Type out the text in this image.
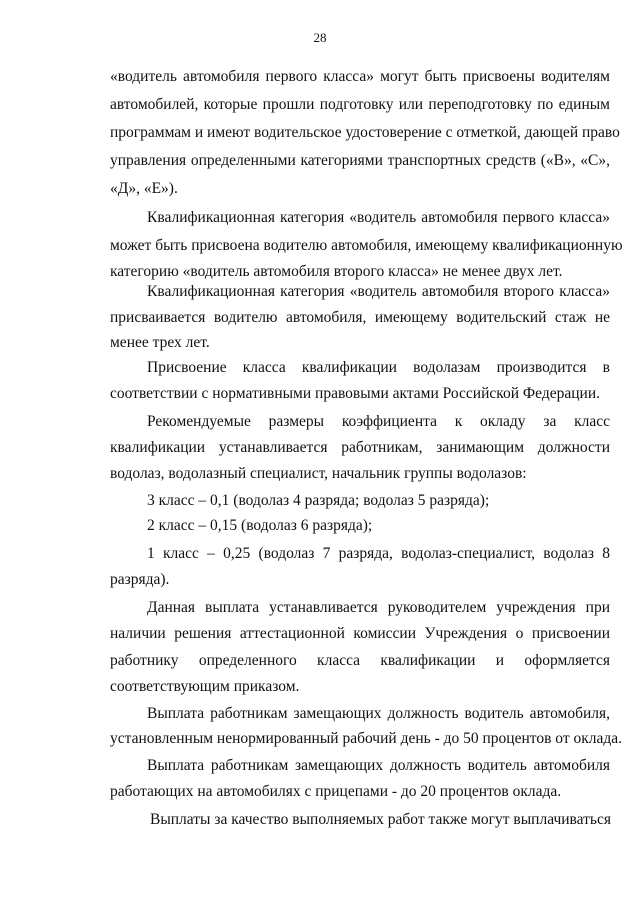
28
«водитель автомобиля первого класса» могут быть присвоены водителям
автомобилей, которые прошли подготовку или переподготовку по единым
программам и имеют водительское удостоверение с отметкой, дающей право
управления определенными категориями транспортных средств («В», «С»,
«Д», «Е»).
Квалификационная категория «водитель автомобиля первого класса»
может быть присвоена водителю автомобиля, имеющему квалификационную
категорию «водитель автомобиля второго класса» не менее двух лет.
Квалификационная категория «водитель автомобиля второго класса»
присваивается водителю автомобиля, имеющему водительский стаж не
менее трех лет.
Присвоение класса квалификации водолазам производится в
соответствии с нормативными правовыми актами Российской Федерации.
Рекомендуемые размеры коэффициента к окладу за класс
квалификации устанавливается работникам, занимающим должности
водолаз, водолазный специалист, начальник группы водолазов:
3 класс – 0,1 (водолаз 4 разряда; водолаз 5 разряда);
2 класс – 0,15 (водолаз 6 разряда);
1 класс – 0,25 (водолаз 7 разряда, водолаз-специалист, водолаз 8
разряда).
Данная выплата устанавливается руководителем учреждения при
наличии решения аттестационной комиссии Учреждения о присвоении
работнику определенного класса квалификации и оформляется
соответствующим приказом.
Выплата работникам замещающих должность водитель автомобиля,
установленным ненормированный рабочий день - до 50 процентов от оклада.
Выплата работникам замещающих должность водитель автомобиля
работающих на автомобилях с прицепами - до 20 процентов оклада.
Выплаты за качество выполняемых работ также могут выплачиваться
